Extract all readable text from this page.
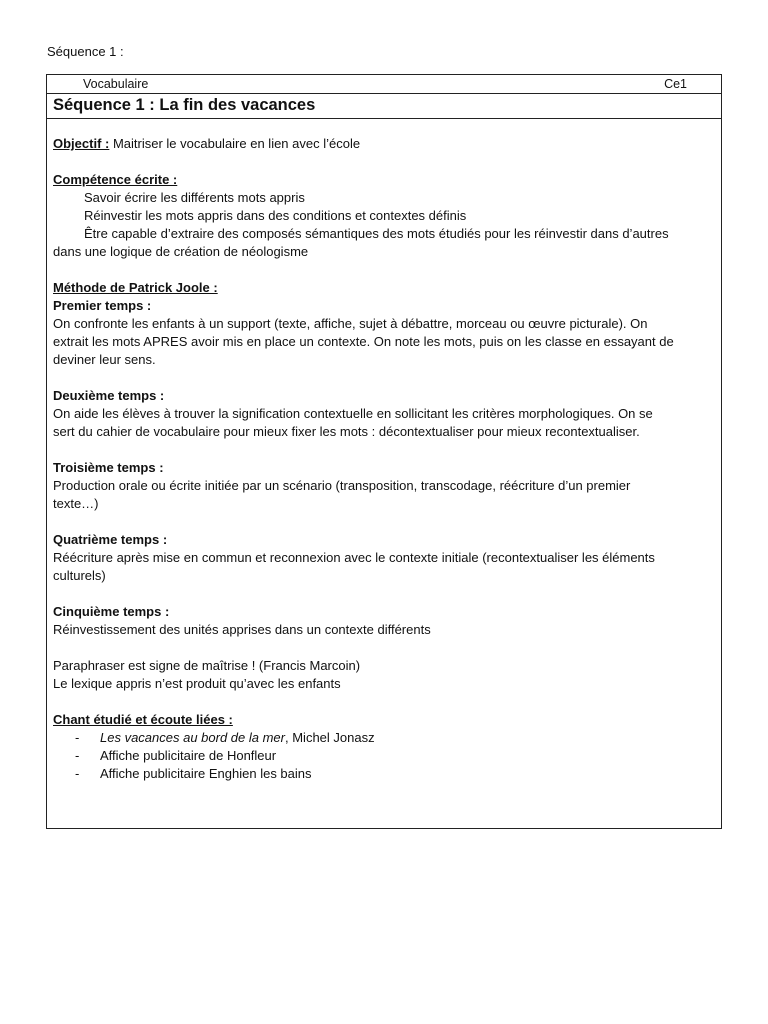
Séquence 1 :
Vocabulaire	Ce1
Séquence 1 : La fin des vacances

Objectif : Maitriser le vocabulaire en lien avec l’école

Compétence écrite :

Savoir écrire les différents mots appris

Réinvestir les mots appris dans des conditions et contextes définis

Être capable d’extraire des composés sémantiques des mots étudiés pour les réinvestir dans d’autres

dans une logique de création de néologisme

Méthode de Patrick Joole :

Premier temps :

On confronte les enfants à un support (texte, affiche, sujet à débattre, morceau ou œuvre picturale). On

extrait les mots APRES avoir mis en place un contexte. On note les mots, puis on les classe en essayant de

deviner leur sens.

Deuxième temps :

On aide les élèves à trouver la signification contextuelle en sollicitant les critères morphologiques. On se

sert du cahier de vocabulaire pour mieux fixer les mots : décontextualiser pour mieux recontextualiser.

Troisième temps :

Production orale ou écrite initiée par un scénario (transposition, transcodage, réécriture d’un premier

texte…)

Quatrième temps :

Réécriture après mise en commun et reconnexion avec le contexte initiale (recontextualiser les éléments

culturels)

Cinquième temps :

Réinvestissement des unités apprises dans un contexte différents

Paraphraser est signe de maîtrise ! (Francis Marcoin)

Le lexique appris n’est produit qu’avec les enfants

Chant étudié et écoute liées :

- Les vacances au bord de la mer, Michel Jonasz
- Affiche publicitaire de Honfleur
- Affiche publicitaire Enghien les bains
